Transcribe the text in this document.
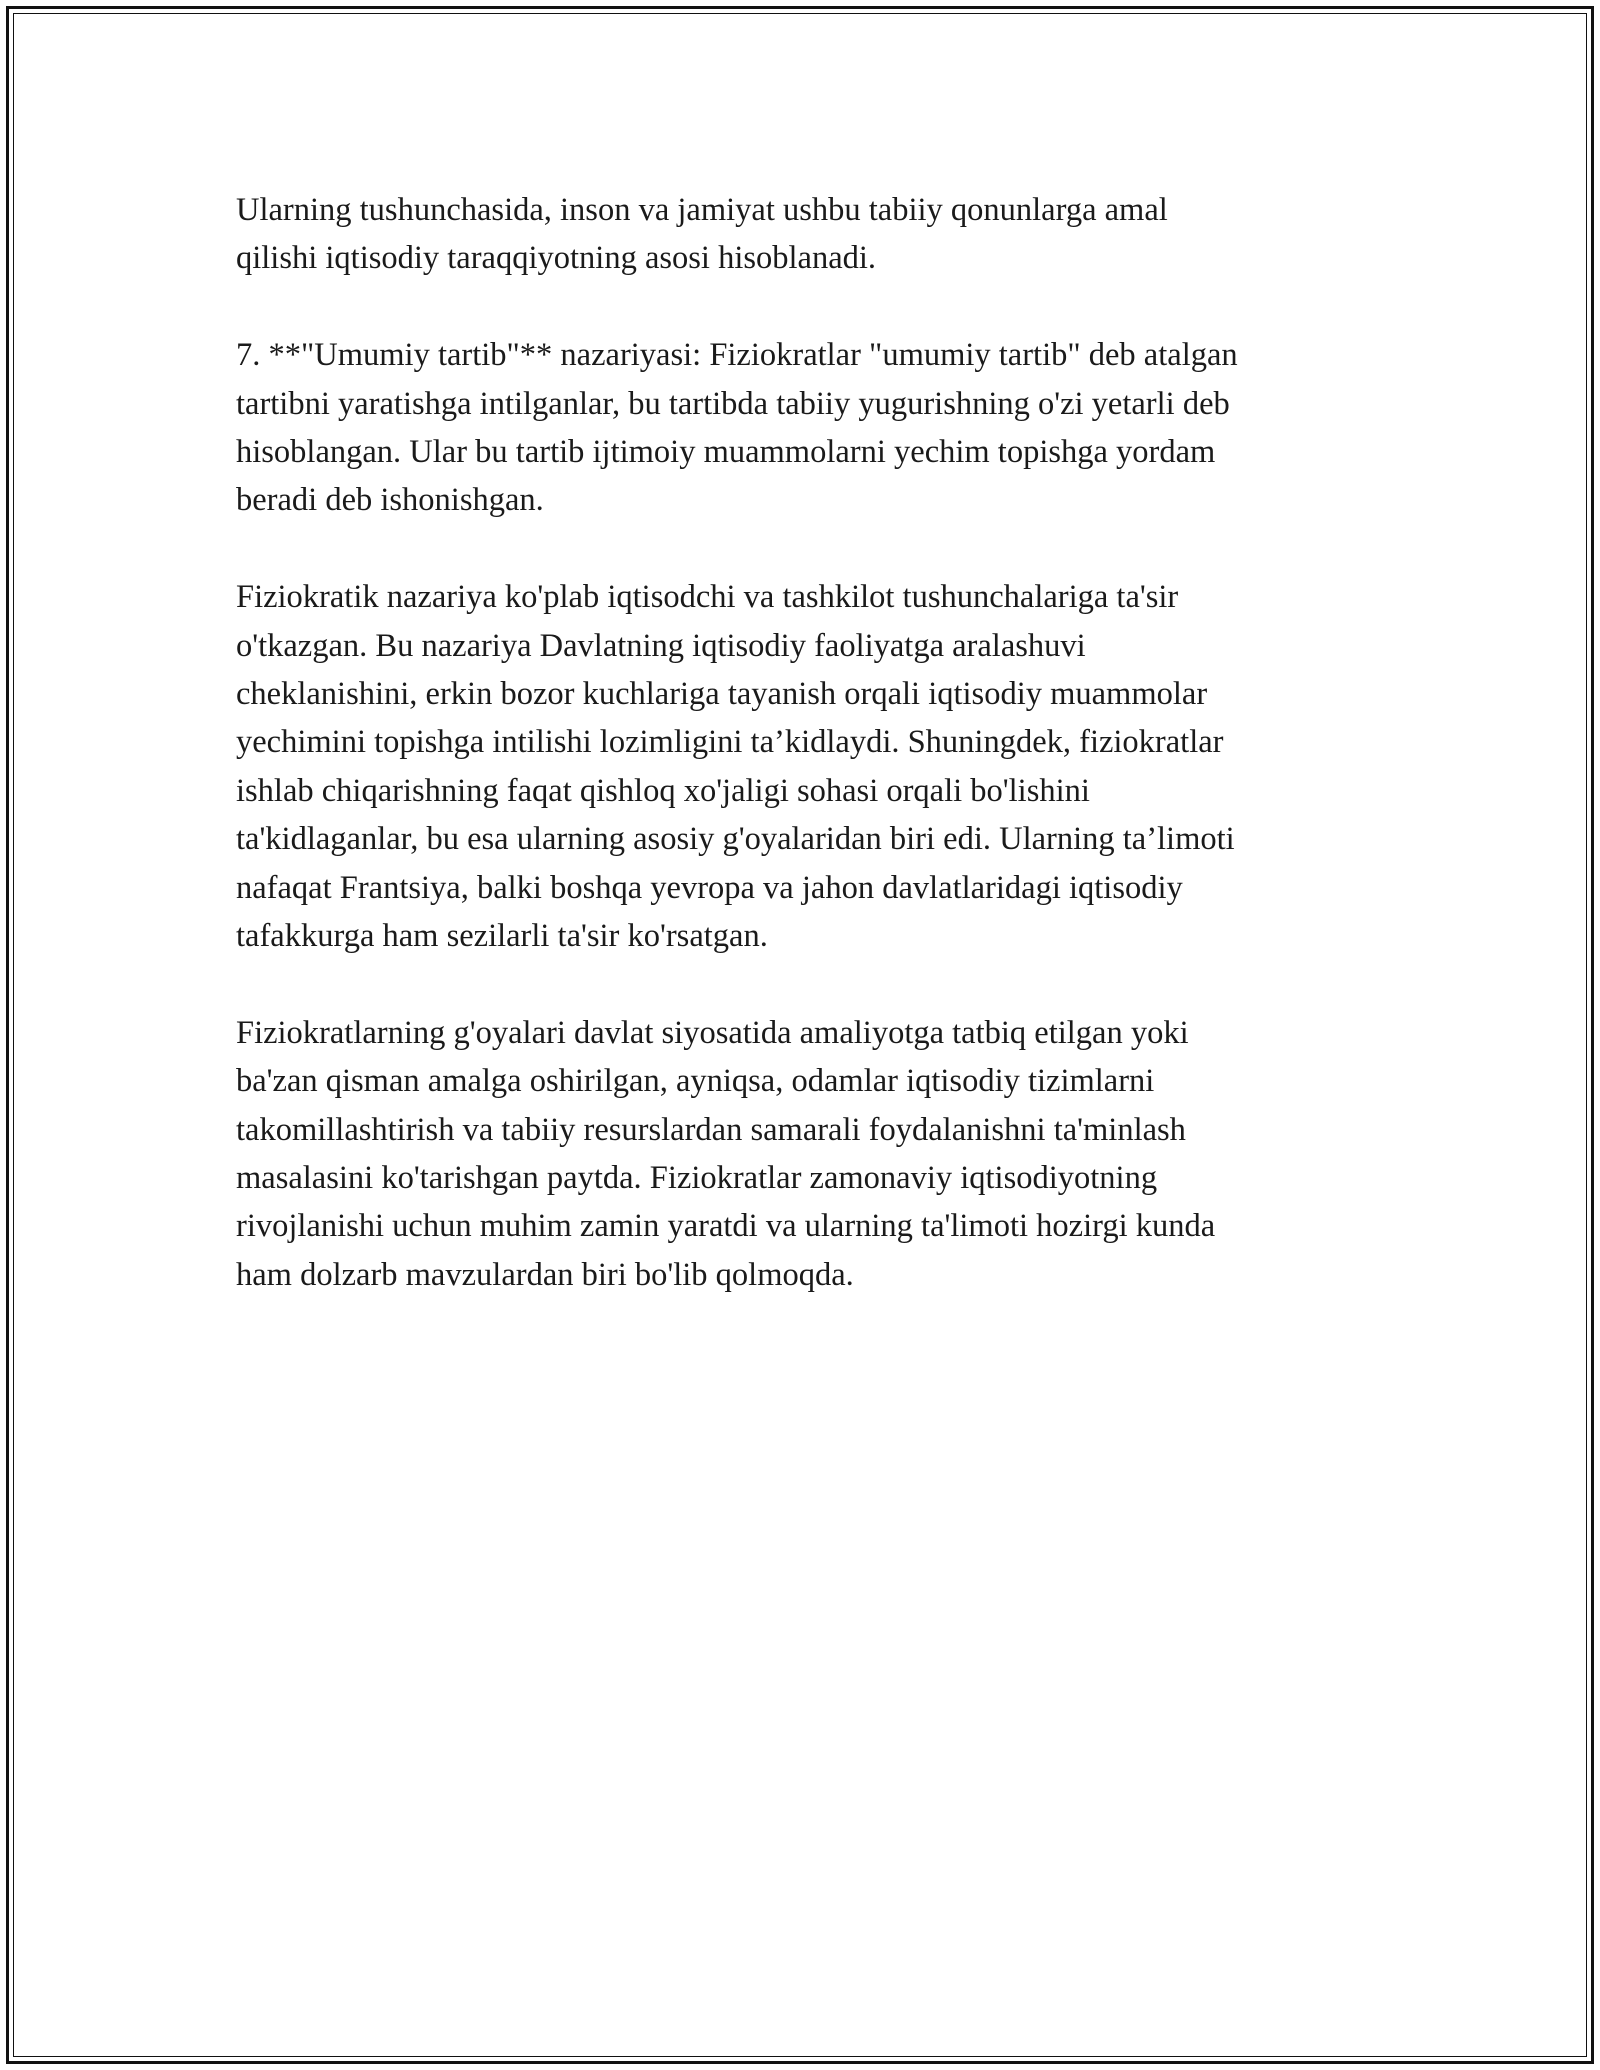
Ularning tushunchasida, inson va jamiyat ushbu tabiiy qonunlarga amal
qilishi iqtisodiy taraqqiyotning asosi hisoblanadi.

7. **"Umumiy tartib"** nazariyasi: Fiziokratlar "umumiy tartib" deb atalgan
tartibni yaratishga intilganlar, bu tartibda tabiiy yugurishning o'zi yetarli deb
hisoblangan. Ular bu tartib ijtimoiy muammolarni yechim topishga yordam
beradi deb ishonishgan.

Fiziokratik nazariya ko'plab iqtisodchi va tashkilot tushunchalariga ta'sir
o'tkazgan. Bu nazariya Davlatning iqtisodiy faoliyatga aralashuvi
cheklanishini, erkin bozor kuchlariga tayanish orqali iqtisodiy muammolar
yechimini topishga intilishi lozimligini ta’kidlaydi. Shuningdek, fiziokratlar
ishlab chiqarishning faqat qishloq xo'jaligi sohasi orqali bo'lishini
ta'kidlaganlar, bu esa ularning asosiy g'oyalaridan biri edi. Ularning ta’limoti
nafaqat Frantsiya, balki boshqa yevropa va jahon davlatlaridagi iqtisodiy
tafakkurga ham sezilarli ta'sir ko'rsatgan.

Fiziokratlarning g'oyalari davlat siyosatida amaliyotga tatbiq etilgan yoki
ba'zan qisman amalga oshirilgan, ayniqsa, odamlar iqtisodiy tizimlarni
takomillashtirish va tabiiy resurslardan samarali foydalanishni ta'minlash
masalasini ko'tarishgan paytda. Fiziokratlar zamonaviy iqtisodiyotning
rivojlanishi uchun muhim zamin yaratdi va ularning ta'limoti hozirgi kunda
ham dolzarb mavzulardan biri bo'lib qolmoqda.
